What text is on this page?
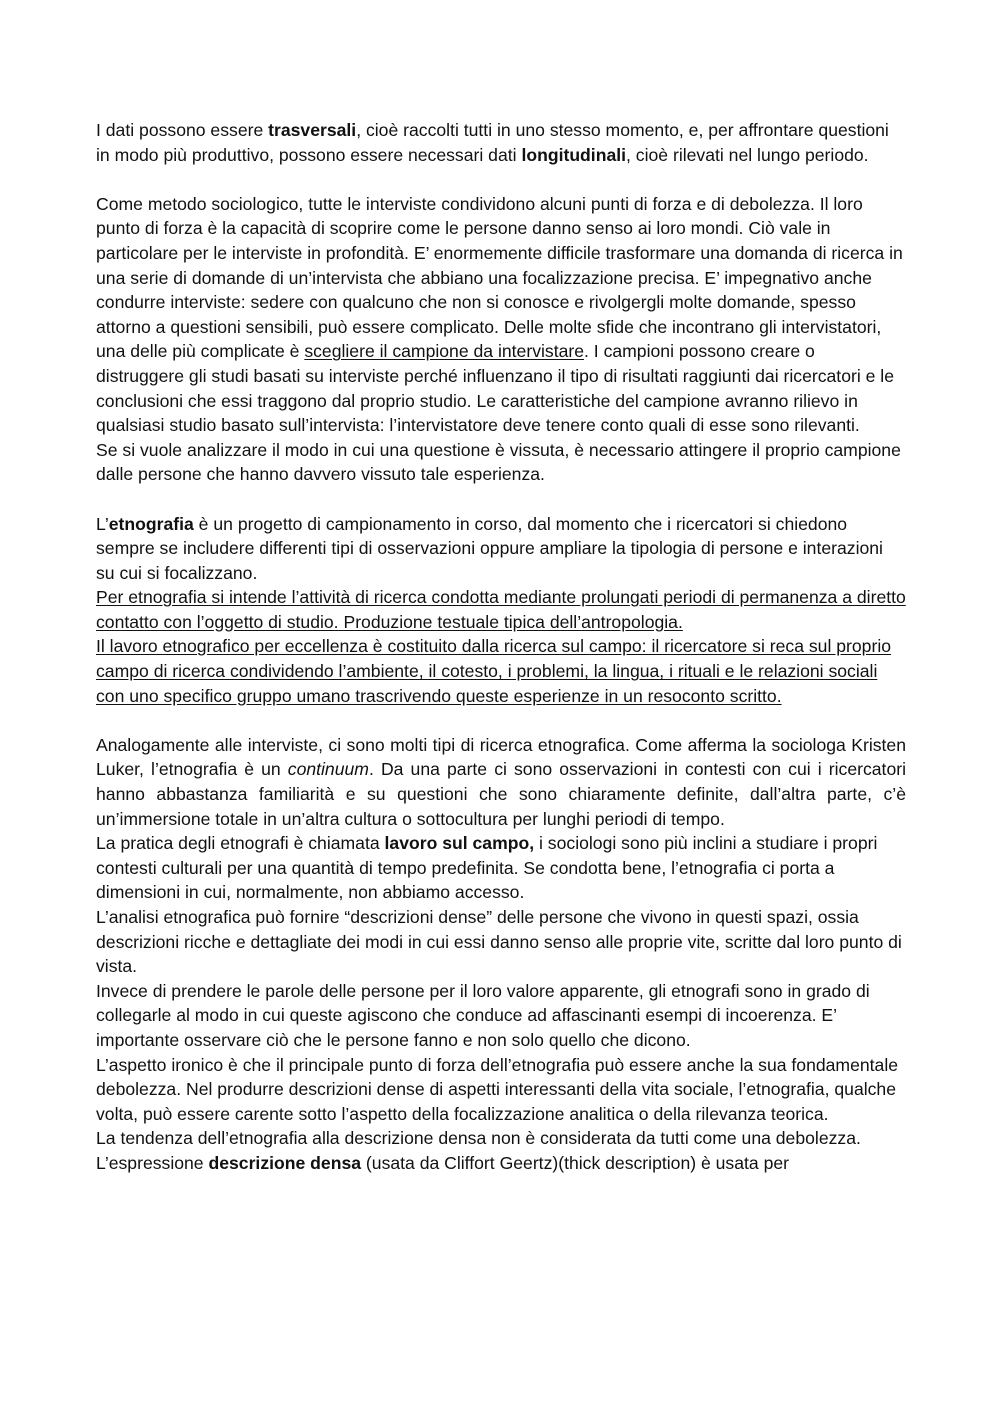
I dati possono essere trasversali, cioè raccolti tutti in uno stesso momento, e, per affrontare questioni in modo più produttivo, possono essere necessari dati longitudinali, cioè rilevati nel lungo periodo.

Come metodo sociologico, tutte le interviste condividono alcuni punti di forza e di debolezza. Il loro punto di forza è la capacità di scoprire come le persone danno senso ai loro mondi. Ciò vale in particolare per le interviste in profondità. E’ enormemente difficile trasformare una domanda di ricerca in una serie di domande di un’intervista che abbiano una focalizzazione precisa. E’ impegnativo anche condurre interviste: sedere con qualcuno che non si conosce e rivolgergli molte domande, spesso attorno a questioni sensibili, può essere complicato. Delle molte sfide che incontrano gli intervistatori, una delle più complicate è scegliere il campione da intervistare. I campioni possono creare o distruggere gli studi basati su interviste perché influenzano il tipo di risultati raggiunti dai ricercatori e le conclusioni che essi traggono dal proprio studio. Le caratteristiche del campione avranno rilievo in qualsiasi studio basato sull’intervista: l’intervistatore deve tenere conto quali di esse sono rilevanti.

Se si vuole analizzare il modo in cui una questione è vissuta, è necessario attingere il proprio campione dalle persone che hanno davvero vissuto tale esperienza.

L’etnografia è un progetto di campionamento in corso, dal momento che i ricercatori si chiedono sempre se includere differenti tipi di osservazioni oppure ampliare la tipologia di persone e interazioni su cui si focalizzano.

Per etnografia si intende l’attività di ricerca condotta mediante prolungati periodi di permanenza a diretto contatto con l’oggetto di studio. Produzione testuale tipica dell’antropologia.

Il lavoro etnografico per eccellenza è costituito dalla ricerca sul campo: il ricercatore si reca sul proprio campo di ricerca condividendo l’ambiente, il cotesto, i problemi, la lingua, i rituali e le relazioni sociali con uno specifico gruppo umano trascrivendo queste esperienze in un resoconto scritto.

Analogamente alle interviste, ci sono molti tipi di ricerca etnografica. Come afferma la sociologa Kristen Luker, l’etnografia è un continuum. Da una parte ci sono osservazioni in contesti con cui i ricercatori hanno abbastanza familiarità e su questioni che sono chiaramente definite, dall’altra parte, c’è un’immersione totale in un’altra cultura o sottocultura per lunghi periodi di tempo.

La pratica degli etnografi è chiamata lavoro sul campo, i sociologi sono più inclini a studiare i propri contesti culturali per una quantità di tempo predefinita. Se condotta bene, l’etnografia ci porta a dimensioni in cui, normalmente, non abbiamo accesso.

L’analisi etnografica può fornire “descrizioni dense” delle persone che vivono in questi spazi, ossia descrizioni ricche e dettagliate dei modi in cui essi danno senso alle proprie vite, scritte dal loro punto di vista.

Invece di prendere le parole delle persone per il loro valore apparente, gli etnografi sono in grado di collegarle al modo in cui queste agiscono che conduce ad affascinanti esempi di incoerenza. E’ importante osservare ciò che le persone fanno e non solo quello che dicono.

L’aspetto ironico è che il principale punto di forza dell’etnografia può essere anche la sua fondamentale debolezza. Nel produrre descrizioni dense di aspetti interessanti della vita sociale, l’etnografia, qualche volta, può essere carente sotto l’aspetto della focalizzazione analitica o della rilevanza teorica.

La tendenza dell’etnografia alla descrizione densa non è considerata da tutti come una debolezza.

L’espressione descrizione densa (usata da Cliffort Geertz)(thick description) è usata per
